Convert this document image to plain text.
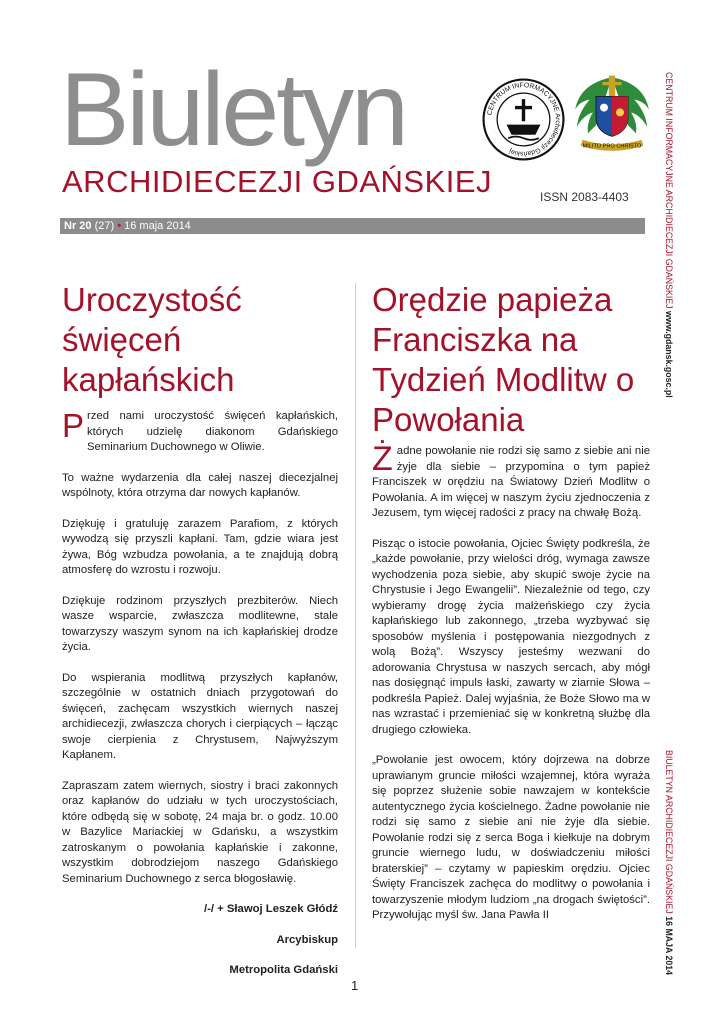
Biuletyn
ARCHIDIECEZJI GDAŃSKIEJ	ISSN 2083-4403
CENTRUM INFORMACYJNE Archidiecezji Gdańskiej
MILITO PRO CHRISTO
Nr 20 (27) • 16 maja 2014
Uroczystość święceń kapłańskich
Orędzie papieża Franciszka na Tydzień Modlitw o Powołania

Przed nami uroczystość święceń kapłańskich, których udzielę diakonom Gdańskiego Seminarium Duchownego w Oliwie.

To ważne wydarzenia dla całej naszej diecezjalnej wspólnoty, która otrzyma dar nowych kapłanów.

Dziękuję i gratuluję zarazem Parafiom, z których wywodzą się przyszli kapłani. Tam, gdzie wiara jest żywa, Bóg wzbudza powołania, a te znajdują dobrą atmosferę do wzrostu i rozwoju.

Dziękuje rodzinom przyszłych prezbiterów. Niech wasze wsparcie, zwłaszcza modlitewne, stale towarzyszy waszym synom na ich kapłańskiej drodze życia.

Do wspierania modlitwą przyszłych kapłanów, szczególnie w ostatnich dniach przygotowań do święceń, zachęcam wszystkich wiernych naszej archidiecezji, zwłaszcza chorych i cierpiących – łącząc swoje cierpienia z Chrystusem, Najwyższym Kapłanem.

Zapraszam zatem wiernych, siostry i braci zakonnych oraz kapłanów do udziału w tych uroczystościach, które odbędą się w sobotę, 24 maja br. o godz. 10.00 w Bazylice Mariackiej w Gdańsku, a wszystkim zatroskanym o powołania kapłańskie i zakonne, wszystkim dobrodziejom naszego Gdańskiego Seminarium Duchownego z serca błogosławię.

/-/ + Sławoj Leszek Głódź

Arcybiskup

Metropolita Gdański

Żadne powołanie nie rodzi się samo z siebie ani nie żyje dla siebie – przypomina o tym papież Franciszek w orędziu na Światowy Dzień Modlitw o Powołania. A im więcej w naszym życiu zjednoczenia z Jezusem, tym więcej radości z pracy na chwałę Bożą.

Pisząc o istocie powołania, Ojciec Święty podkreśla, że „każde powołanie, przy wielości dróg, wymaga zawsze wychodzenia poza siebie, aby skupić swoje życie na Chrystusie i Jego Ewangelii”. Niezależnie od tego, czy wybieramy drogę życia małżeńskiego czy życia kapłańskiego lub zakonnego, „trzeba wyzbywać się sposobów myślenia i postępowania niezgodnych z wolą Bożą”. Wszyscy jesteśmy wezwani do adorowania Chrystusa w naszych sercach, aby mógł nas dosięgnąć impuls łaski, zawarty w ziarnie Słowa – podkreśla Papież. Dalej wyjaśnia, że Boże Słowo ma w nas wzrastać i przemieniać się w konkretną służbę dla drugiego człowieka.

„Powołanie jest owocem, który dojrzewa na dobrze uprawianym gruncie miłości wzajemnej, która wyraża się poprzez służenie sobie nawzajem w kontekście autentycznego życia kościelnego. Żadne powołanie nie rodzi się samo z siebie ani nie żyje dla siebie. Powołanie rodzi się z serca Boga i kiełkuje na dobrym gruncie wiernego ludu, w doświadczeniu miłości braterskiej” – czytamy w papieskim orędziu. Ojciec Święty Franciszek zachęca do modlitwy o powołania i towarzyszenie młodym ludziom „na drogach świętości”. Przywołując myśl św. Jana Pawła II

CENTRUM INFORMACYJNE ARCHIDIECEZJI GDAŃSKIEJ www.gdansk.gosc.pl
BIULETYN ARCHIDIECEZJI GDAŃSKIEJ 16 MAJA 2014
1
